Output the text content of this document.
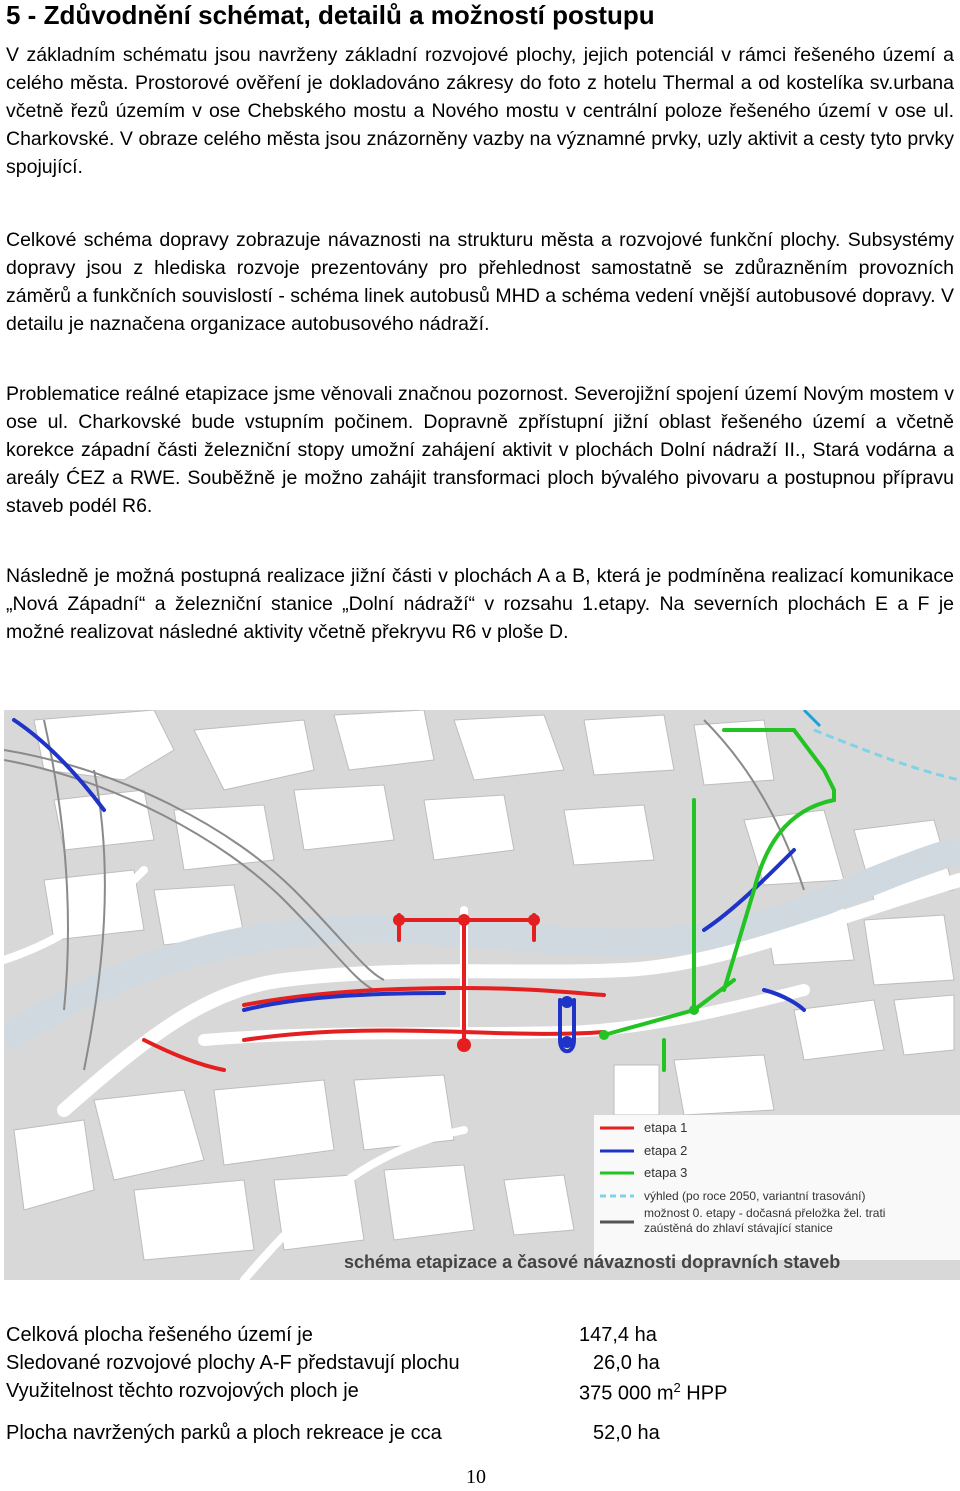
5 - Zdůvodnění schémat, detailů a možností postupu

V základním schématu jsou navrženy základní rozvojové plochy, jejich potenciál v rámci řešeného území a celého města. Prostorové ověření je dokladováno zákresy do foto z hotelu Thermal a od kostelíka sv.urbana včetně řezů územím v ose Chebského mostu a Nového mostu v centrální poloze řešeného území v ose ul. Charkovské. V obraze celého města jsou znázorněny vazby na významné prvky, uzly aktivit a cesty tyto prvky spojující.

Celkové schéma dopravy zobrazuje návaznosti na strukturu města a rozvojové funkční plochy. Subsystémy dopravy jsou z hlediska rozvoje prezentovány pro přehlednost samostatně se zdůrazněním provozních záměrů a funkčních souvislostí - schéma linek autobusů MHD a schéma vedení vnější autobusové dopravy. V detailu je naznačena organizace autobusového nádraží.

Problematice reálné etapizace jsme věnovali značnou pozornost. Severojižní spojení území Novým mostem v ose ul. Charkovské bude vstupním počinem. Dopravně zpřístupní jižní oblast řešeného území a včetně korekce západní části železniční stopy umožní zahájení aktivit v plochách Dolní nádraží II., Stará vodárna a areály ĆEZ a RWE. Souběžně je možno zahájit transformaci ploch bývalého pivovaru a postupnou přípravu staveb podél R6.

Následně je možná postupná realizace jižní části v plochách A a B, která je podmíněna realizací komunikace „Nová Západní“ a železniční stanice „Dolní nádraží“ v rozsahu 1.etapy. Na severních plochách E a F je možné realizovat následné aktivity včetně překryvu R6 v ploše D.

etapa 1
etapa 2
etapa 3
výhled (po roce 2050, variantní trasování)
možnost 0. etapy - dočasná přeložka žel. trati
zaústěná do zhlaví stávající stanice
schéma etapizace a časové návaznosti dopravních staveb
Celková plocha řešeného území je	147,4 ha
Sledované rozvojové plochy A-F představují plochu	26,0 ha
Využitelnost těchto rozvojových ploch je	375 000 $m^2$ HPP
Plocha navržených parků a ploch rekreace je cca	52,0 ha
10
